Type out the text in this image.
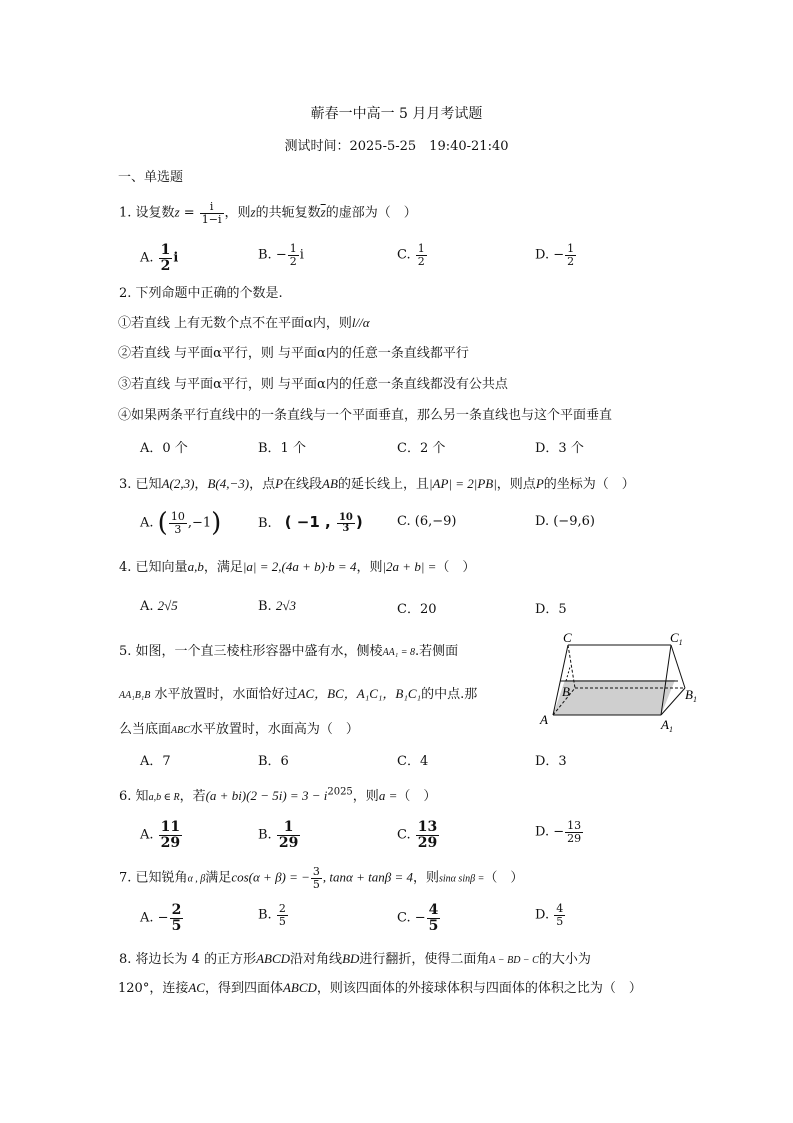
蕲春一中高一 5 月月考试题
测试时间：2025-5-25　19:40-21:40
一、单选题
1. 设复数$z = \frac{i}{1-i}$ ，则z的共轭复数$\overline{z}$的虚部为（　）
A. $\frac{1}{2}$ i	B. − $\frac{1}{2}$ i	C. $\frac{1}{2}$	D. − $\frac{1}{2}$
2. 下列命题中正确的个数是.
①若直线 上有无数个点不在平面α内，则l//α
②若直线 与平面α平行，则 与平面α内的任意一条直线都平行
③若直线 与平面α平行，则 与平面α内的任意一条直线都没有公共点
④如果两条平行直线中的一条直线与一个平面垂直，那么另一条直线也与这个平面垂直
A．0 个	B．1 个	C．2 个	D．3 个
3. 已知A(2,3)，B(4,−3)，点P在线段AB的延长线上，且|AP| = 2|PB|，则点P的坐标为（　）
A. ( $\frac{10}{3} ,-1$)	B.　 ( −1 , $\frac{10}{3}$ )	C. (6,−9)	D. (−9,6)
4. 已知向量a,b，满足|a| = 2,(4a + b)·b = 4，则|2a + b| =（　）
A. 2√5	B. 2√3	C．20	D．5
5. 如图，一个直三棱柱形容器中盛有水，侧棱AA₁ = 8.若侧面
AA₁B₁B 水平放置时，水面恰好过AC，BC，A₁C₁，B₁C₁的中点.那
么当底面ABC水平放置时，水面高为（　）
C	$C_1$
B	$B_1$
A	$A_1$
A．7	B．6	C．4	D．3
6. 知a,b ∈ R，若$(a + bi)(2 - 5i) = 3 - i^{2025}$，则a =（　）
A. $\frac{11}{29}$	B. $\frac{1}{29}$	C. $\frac{13}{29}$	D. − $\frac{13}{29}$
7. 已知锐角α , β满足cos(α + β) = − $\frac{3}{5}$ , tanα + tanβ = 4，则sinα sinβ =（　）
A. − $\frac{2}{5}$	B. $\frac{2}{5}$	C. − $\frac{4}{5}$	D. $\frac{4}{5}$
8. 将边长为 4 的正方形ABCD沿对角线BD进行翻折，使得二面角A − BD − C的大小为
120°，连接AC，得到四面体ABCD，则该四面体的外接球体积与四面体的体积之比为（　）
